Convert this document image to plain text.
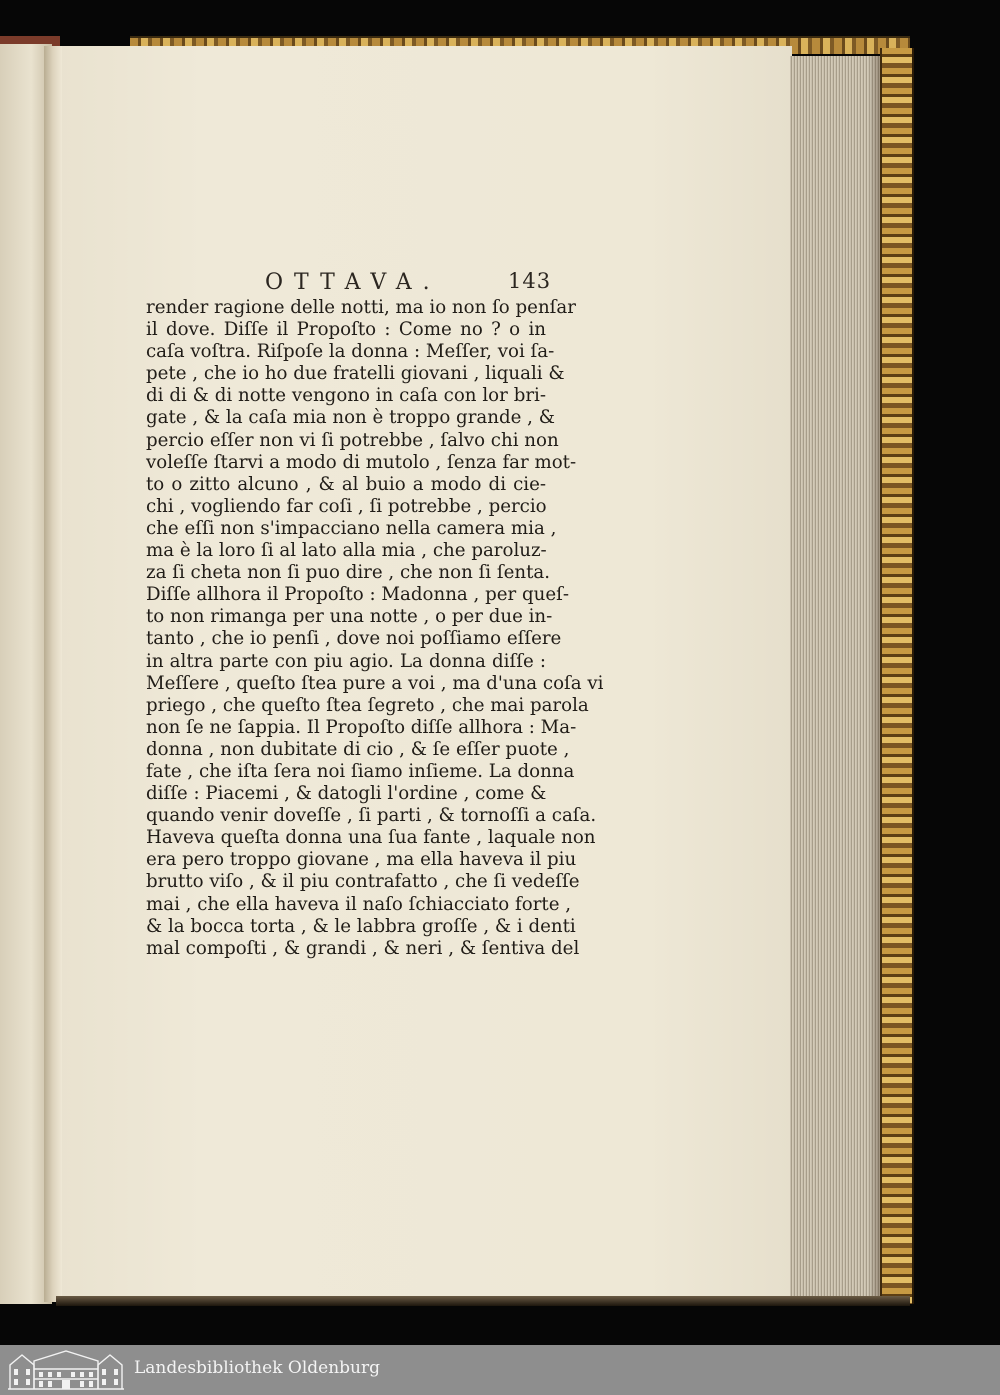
OTTAVA.	143
render ragione delle notti, ma io non ſo penſar
il dove. Diſſe il Propoſto : Come no ? o in
caſa voſtra. Riſpoſe la donna : Meſſer, voi ſa-
pete , che io ho due fratelli giovani , liquali &
di di & di notte vengono in caſa con lor bri-
gate , & la caſa mia non è troppo grande , &
percio eſſer non vi ſi potrebbe , ſalvo chi non
voleſſe ſtarvi a modo di mutolo , ſenza far mot-
to o zitto alcuno , & al buio a modo di cie-
chi , vogliendo far coſi , ſi potrebbe , percio
che eſſi non s'impacciano nella camera mia ,
ma è la loro ſi al lato alla mia , che paroluz-
za ſi cheta non ſi puo dire , che non ſi ſenta.
Diſſe allhora il Propoſto : Madonna , per queſ-
to non rimanga per una notte , o per due in-
tanto , che io penſi , dove noi poſſiamo eſſere
in altra parte con piu agio. La donna diſſe :
Meſſere , queſto ſtea pure a voi , ma d'una coſa vi
priego , che queſto ſtea ſegreto , che mai parola
non ſe ne ſappia. Il Propoſto diſſe allhora : Ma-
donna , non dubitate di cio , & ſe eſſer puote ,
fate , che iſta ſera noi ſiamo inſieme. La donna
diſſe : Piacemi , & datogli l'ordine , come &
quando venir doveſſe , ſi parti , & tornoſſi a caſa.
Haveva queſta donna una ſua fante , laquale non
era pero troppo giovane , ma ella haveva il piu
brutto viſo , & il piu contrafatto , che ſi vedeſſe
mai , che ella haveva il naſo ſchiacciato forte ,
& la bocca torta , & le labbra groſſe , & i denti
mal compoſti , & grandi , & neri , & ſentiva del
Landesbibliothek Oldenburg
